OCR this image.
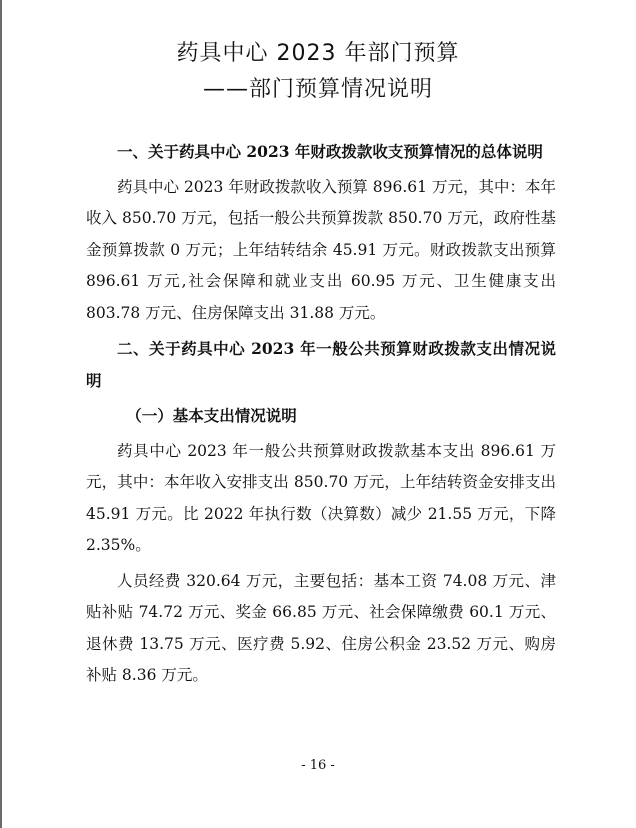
药具中心 2023 年部门预算
——部门预算情况说明

一、关于药具中心 2023 年财政拨款收支预算情况的总体说明

药具中心 2023 年财政拨款收入预算 896.61 万元，其中：本年收入 850.70 万元，包括一般公共预算拨款 850.70 万元，政府性基金预算拨款 0 万元；上年结转结余 45.91 万元。财政拨款支出预算 896.61 万元,社会保障和就业支出 60.95 万元、卫生健康支出 803.78 万元、住房保障支出 31.88 万元。

二、关于药具中心 2023 年一般公共预算财政拨款支出情况说明

（一）基本支出情况说明

药具中心 2023 年一般公共预算财政拨款基本支出 896.61 万元，其中：本年收入安排支出 850.70 万元，上年结转资金安排支出 45.91 万元。比 2022 年执行数（决算数）减少 21.55 万元，下降 2.35%。

人员经费 320.64 万元，主要包括：基本工资 74.08 万元、津贴补贴 74.72 万元、奖金 66.85 万元、社会保障缴费 60.1 万元、退休费 13.75 万元、医疗费 5.92、住房公积金 23.52 万元、购房补贴 8.36 万元。

- 16 -
